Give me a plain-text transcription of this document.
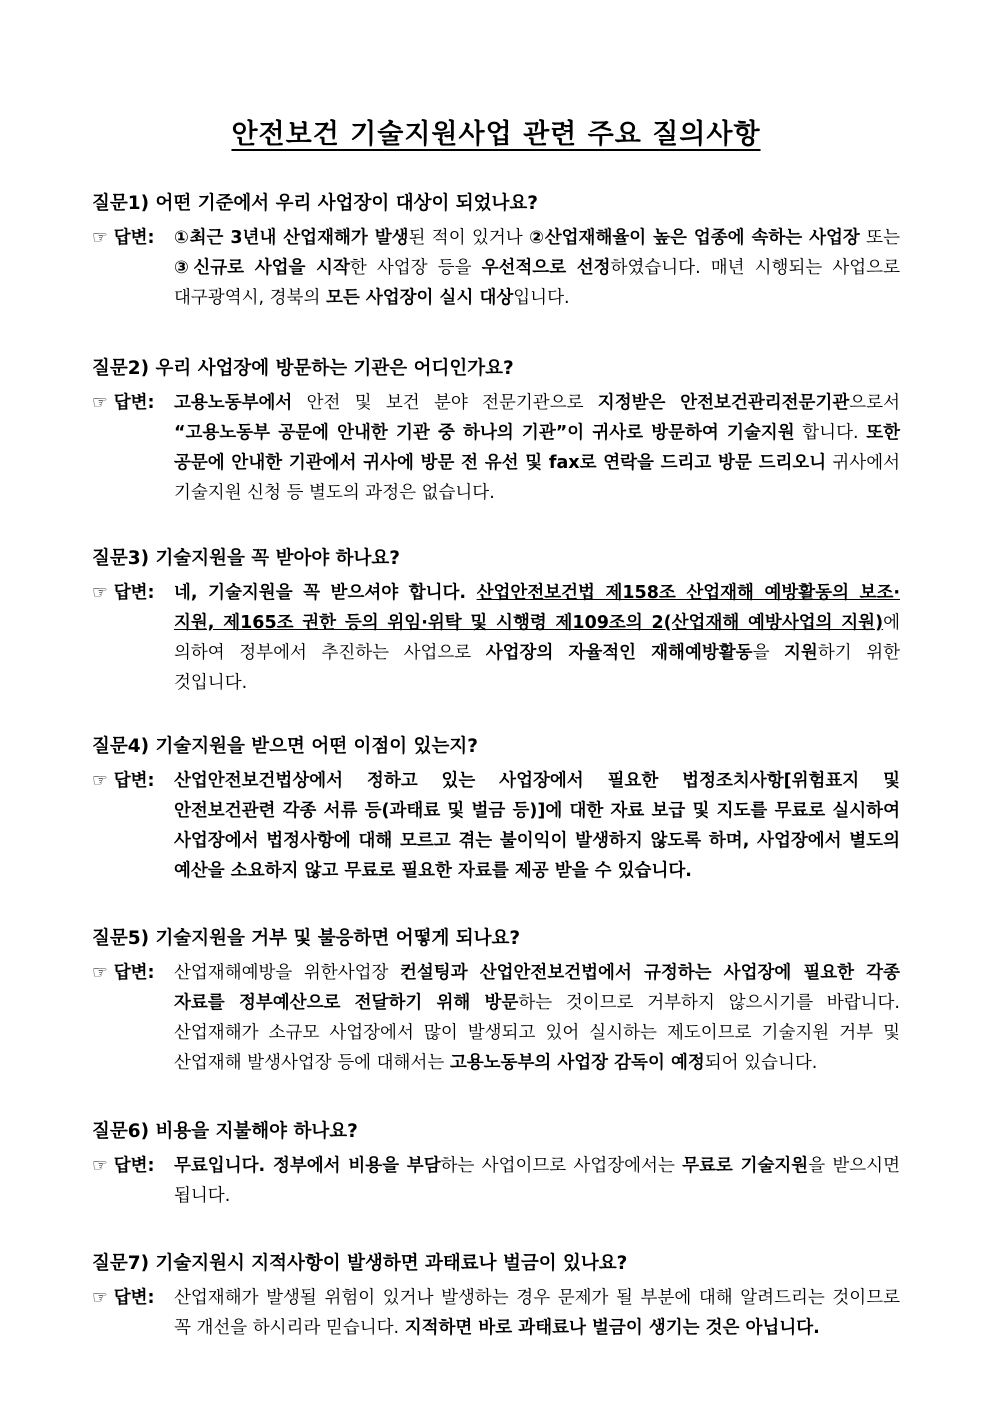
안전보건 기술지원사업 관련 주요 질의사항
질문1) 어떤 기준에서 우리 사업장이 대상이 되었나요?
☞ 답변:	①최근 3년내 산업재해가 발생된 적이 있거나 ②산업재해율이 높은 업종에 속하는 사업장 또는 ③신규로 사업을 시작한 사업장 등을 우선적으로 선정하였습니다. 매년 시행되는 사업으로 대구광역시, 경북의 모든 사업장이 실시 대상입니다.
질문2) 우리 사업장에 방문하는 기관은 어디인가요?
☞ 답변:	고용노동부에서 안전 및 보건 분야 전문기관으로 지정받은 안전보건관리전문기관으로서 “고용노동부 공문에 안내한 기관 중 하나의 기관”이 귀사로 방문하여 기술지원 합니다. 또한 공문에 안내한 기관에서 귀사에 방문 전 유선 및 fax로 연락을 드리고 방문 드리오니 귀사에서 기술지원 신청 등 별도의 과정은 없습니다.
질문3) 기술지원을 꼭 받아야 하나요?
☞ 답변:	네, 기술지원을 꼭 받으셔야 합니다. 산업안전보건법 제158조 산업재해 예방활동의 보조·지원, 제165조 권한 등의 위임·위탁 및 시행령 제109조의 2(산업재해 예방사업의 지원)에 의하여 정부에서 추진하는 사업으로 사업장의 자율적인 재해예방활동을 지원하기 위한 것입니다.
질문4) 기술지원을 받으면 어떤 이점이 있는지?
☞ 답변:	산업안전보건법상에서 정하고 있는 사업장에서 필요한 법정조치사항[위험표지 및 안전보건관련 각종 서류 등(과태료 및 벌금 등)]에 대한 자료 보급 및 지도를 무료로 실시하여 사업장에서 법정사항에 대해 모르고 겪는 불이익이 발생하지 않도록 하며, 사업장에서 별도의 예산을 소요하지 않고 무료로 필요한 자료를 제공 받을 수 있습니다.
질문5) 기술지원을 거부 및 불응하면 어떻게 되나요?
☞ 답변:	산업재해예방을 위한사업장 컨설팅과 산업안전보건법에서 규정하는 사업장에 필요한 각종 자료를 정부예산으로 전달하기 위해 방문하는 것이므로 거부하지 않으시기를 바랍니다. 산업재해가 소규모 사업장에서 많이 발생되고 있어 실시하는 제도이므로 기술지원 거부 및 산업재해 발생사업장 등에 대해서는 고용노동부의 사업장 감독이 예정되어 있습니다.
질문6) 비용을 지불해야 하나요?
☞ 답변:	무료입니다. 정부에서 비용을 부담하는 사업이므로 사업장에서는 무료로 기술지원을 받으시면 됩니다.
질문7) 기술지원시 지적사항이 발생하면 과태료나 벌금이 있나요?
☞ 답변:	산업재해가 발생될 위험이 있거나 발생하는 경우 문제가 될 부분에 대해 알려드리는 것이므로 꼭 개선을 하시리라 믿습니다. 지적하면 바로 과태료나 벌금이 생기는 것은 아닙니다.
